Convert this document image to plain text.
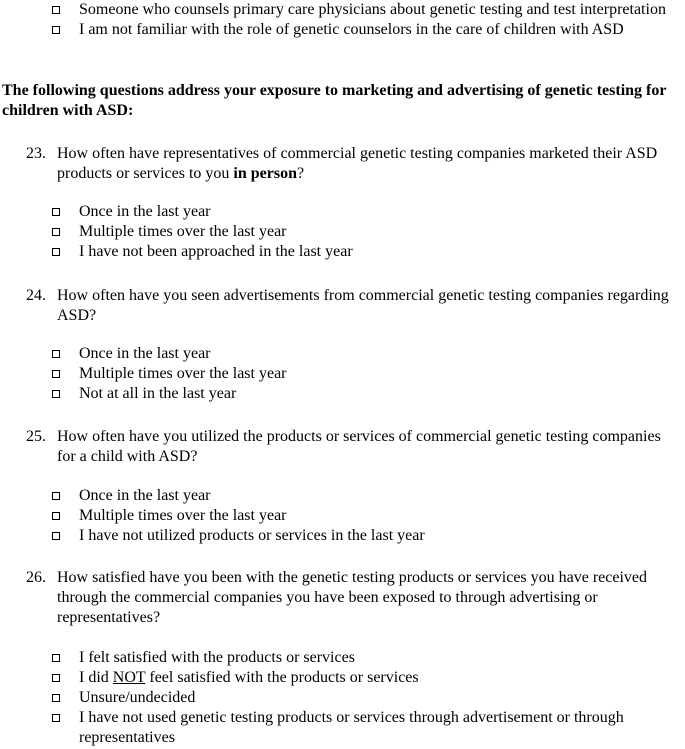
Someone who counsels primary care physicians about genetic testing and test interpretation
I am not familiar with the role of genetic counselors in the care of children with ASD
The following questions address your exposure to marketing and advertising of genetic testing for children with ASD:
23. How often have representatives of commercial genetic testing companies marketed their ASD products or services to you in person?
Once in the last year
Multiple times over the last year
I have not been approached in the last year
24. How often have you seen advertisements from commercial genetic testing companies regarding ASD?
Once in the last year
Multiple times over the last year
Not at all in the last year
25. How often have you utilized the products or services of commercial genetic testing companies for a child with ASD?
Once in the last year
Multiple times over the last year
I have not utilized products or services in the last year
26. How satisfied have you been with the genetic testing products or services you have received through the commercial companies you have been exposed to through advertising or representatives?
I felt satisfied with the products or services
I did NOT feel satisfied with the products or services
Unsure/undecided
I have not used genetic testing products or services through advertisement or through representatives
